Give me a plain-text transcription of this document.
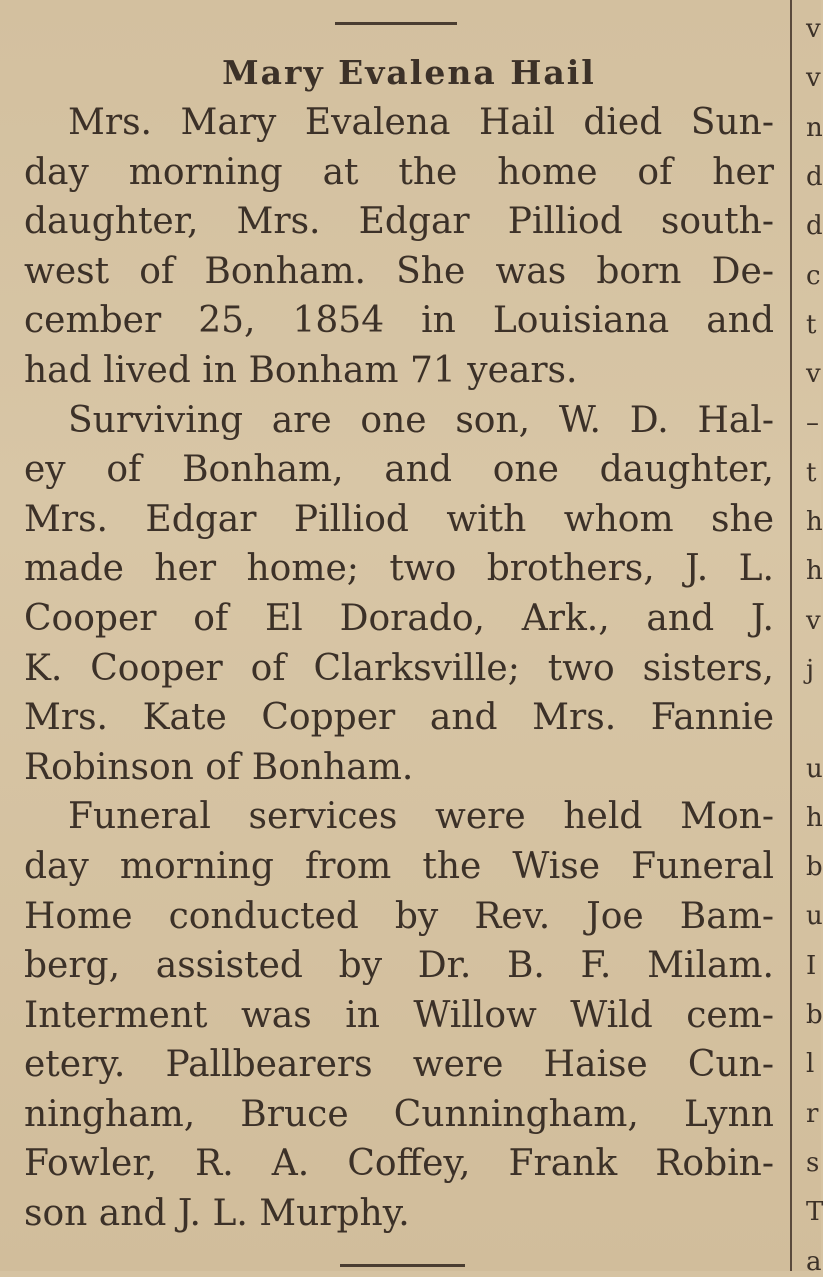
Mary Evalena Hail
Mrs. Mary Evalena Hail died Sun-
day morning at the home of her
daughter, Mrs. Edgar Pilliod south-
west of Bonham. She was born De-
cember 25, 1854 in Louisiana and
had lived in Bonham 71 years.
Surviving are one son, W. D. Hal-
ey of Bonham, and one daughter,
Mrs. Edgar Pilliod with whom she
made her home; two brothers, J. L.
Cooper of El Dorado, Ark., and J.
K. Cooper of Clarksville; two sisters,
Mrs. Kate Copper and Mrs. Fannie
Robinson of Bonham.
Funeral services were held Mon-
day morning from the Wise Funeral
Home conducted by Rev. Joe Bam-
berg, assisted by Dr. B. F. Milam.
Interment was in Willow Wild cem-
etery. Pallbearers were Haise Cun-
ningham, Bruce Cunningham, Lynn
Fowler, R. A. Coffey, Frank Robin-
son and J. L. Murphy.
v
v
n
d
d
c
t
v
–
t
h
h
v
j
u
h
b
u
I
b
l
r
s
T
a
